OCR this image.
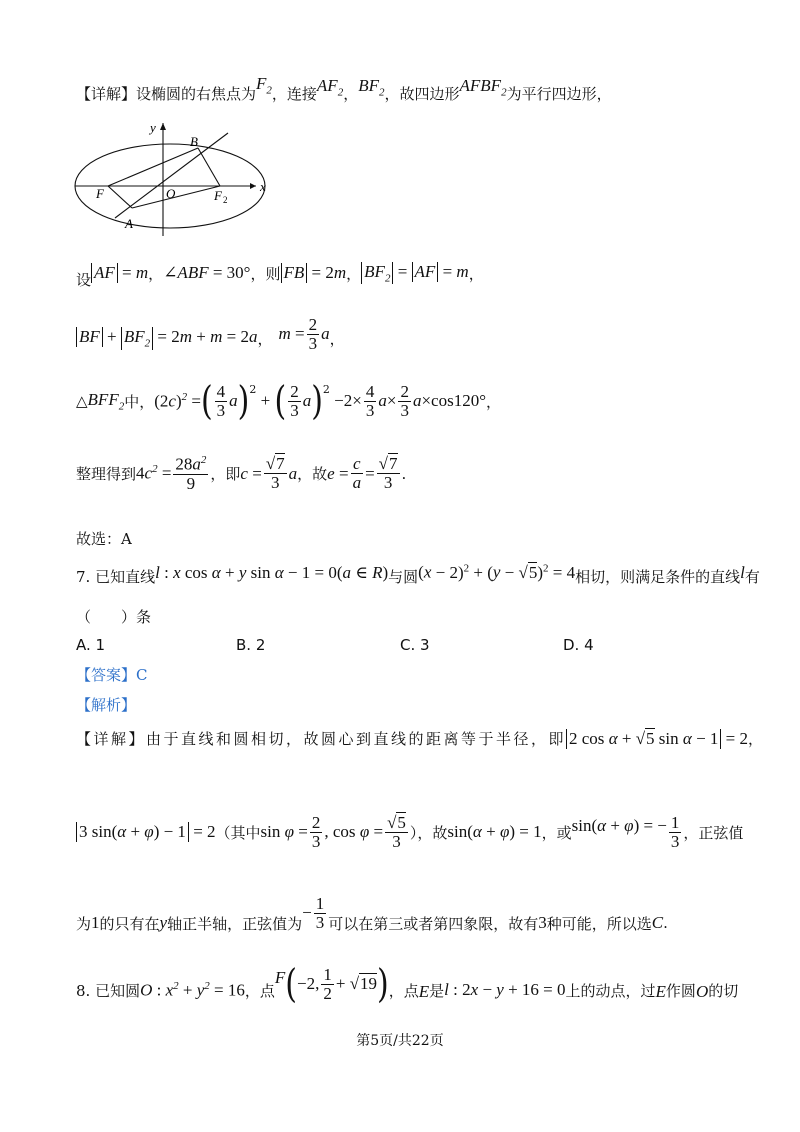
【详解】设椭圆的右焦点为
$F_2$ ，连接 $AF_2$ ， $BF_2$ ，故四边形 $AFBF_2$ 为平行四边形，
y
x
B
F	O	F 2
A
设 AF = m ， ∠ABF = 30° ，则 FB = 2m ， $BF_2$ = AF = m ，
BF + $BF_2 = 2m + m = 2a$ ， $m = \frac{2}{3}$ a ，
△ $BFF_2$ 中， $(2c)^2$ = ( $\frac{4}{3}$ a )$^2$
+ ( $\frac{2}{3}$ a )$^2$
$-2\times \frac{4}{3} a\times \frac{2}{3} a\times\cos 120^\circ$ ，
整理得到 $4c^2 = \frac{28a^2}{9}$ ，即 $c = \frac{√7}{3}$ a ，故 $e = \frac{c}{a} = \frac{√7}{3}$ .
故选：A
7. 已知直线 l : x cos α + y sin α − 1 = 0(a ∈ R) 与圆 $(x - 2)^2 + (y - √5)^2 = 4$ 相切，则满足条件的直线 l 有
（　　）条
A. 1	B. 2	C. 3	D. 4
【答案】C
【解析】
【详解】由于直线和圆相切，故圆心到直线的距离等于半径，即 2 cos α + √5 sin α − 1 = 2 ，
3 sin(α + φ) − 1 = 2 （其中 $\sin \varphi = \frac{2}{3}$ , $\cos \varphi = \frac{√5}{3}$ ），故 sin(α + φ) = 1 ，或 sin(α + φ) = − $\frac{1}{3}$ ，正弦值
为 1 的只有在 y 轴正半轴，正弦值为
− $\frac{1}{3}$ 可以在第三或者第四象限，故有 3 种可能，所以选 C .
8. 已知圆 O : $x^2 + y^2 = 16$ ，点
F ( −2, $\frac{1}{2} + √19$ ) ，点 E 是 l : 2x − y + 16 = 0 上的动点，过 E 作圆 O 的切
第5页/共22页
